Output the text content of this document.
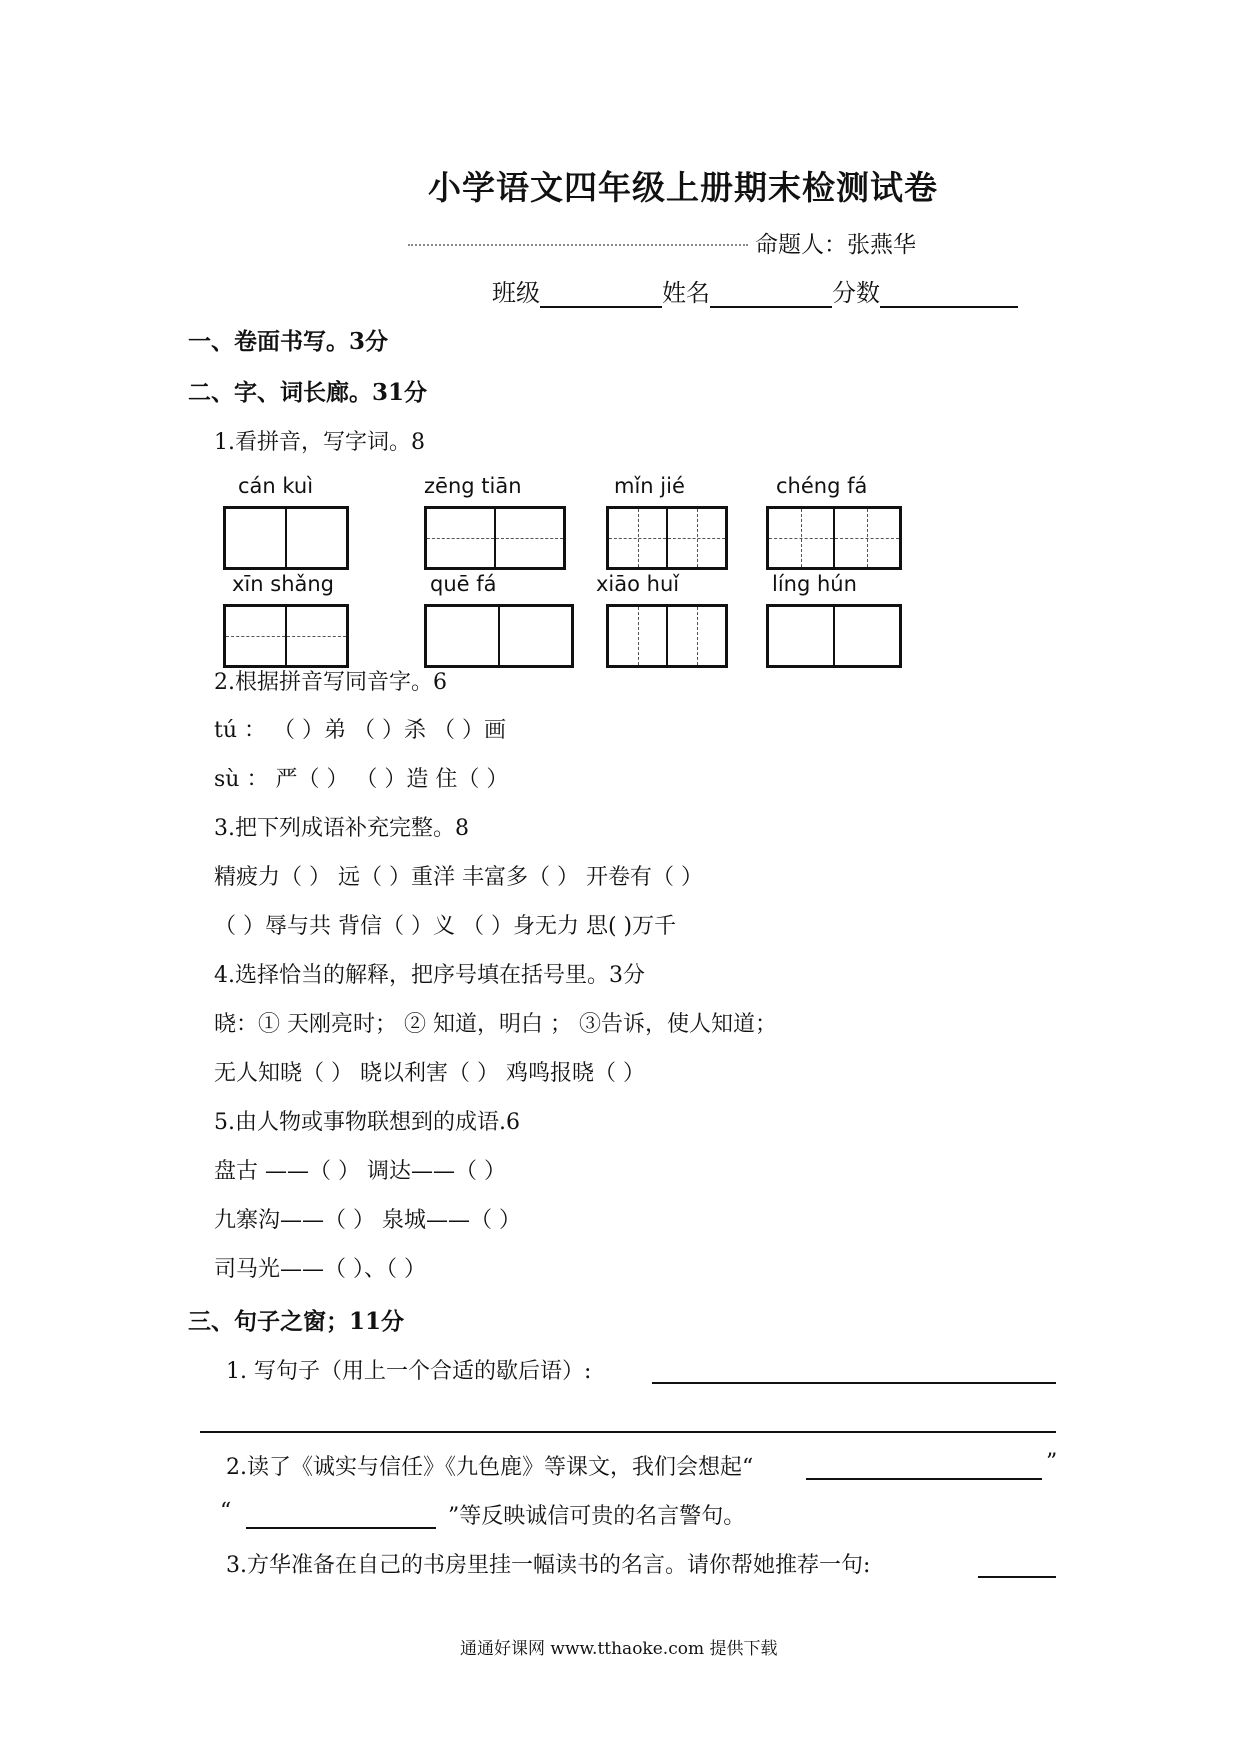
小学语文四年级上册期末检测试卷
命题人：张燕华
班级	姓名	分数
一、卷面书写。3分
二、字、词长廊。31分
1.看拼音，写字词。8
cán kuì	zēng tiān	mǐn jié	chéng fá
xīn shǎng	quē fá	xiāo huǐ	líng hún
2.根据拼音写同音字。6
tú ： （ ）弟 （ ）杀 （ ）画
sù ： 严（ ） （ ）造 住（ ）
3.把下列成语补充完整。8
精疲力（ ） 远（ ）重洋 丰富多（ ） 开卷有（ ）
（ ）辱与共 背信（ ）义 （ ）身无力 思( )万千
4.选择恰当的解释，把序号填在括号里。3分
晓：① 天刚亮时； ② 知道，明白 ； ③告诉，使人知道；
无人知晓（ ） 晓以利害（ ） 鸡鸣报晓（ ）
5.由人物或事物联想到的成语.6
盘古 ——（ ） 调达——（ ）
九寨沟——（ ） 泉城——（ ）
司马光——（ ）、（ ）
三、句子之窗；11分
1. 写句子（用上一个合适的歇后语）:
2.读了《诚实与信任》《九色鹿》等课文，我们会想起“	”
“	”等反映诚信可贵的名言警句。
3.方华准备在自己的书房里挂一幅读书的名言。请你帮她推荐一句:
通通好课网 www.tthaoke.com 提供下载
